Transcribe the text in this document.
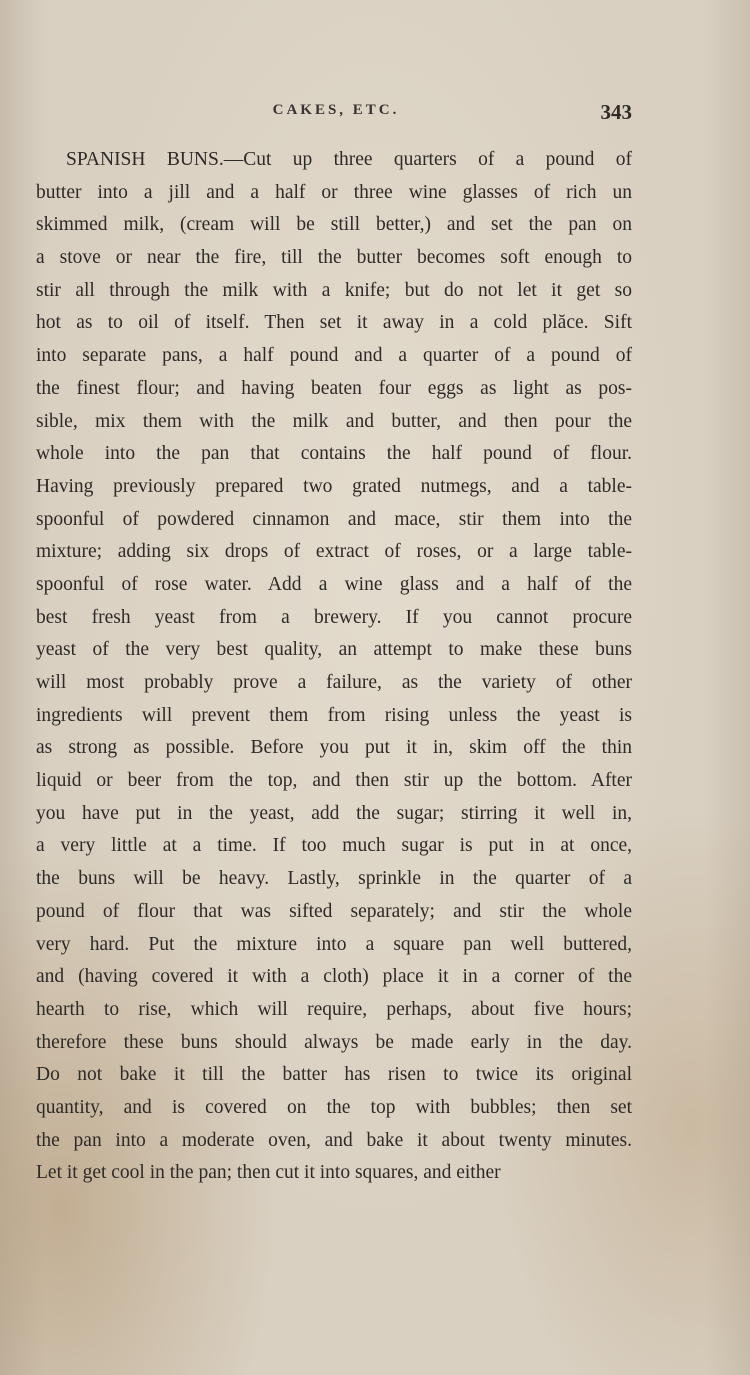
CAKES, ETC.	343
SPANISH BUNS.—Cut up three quarters of a pound of
butter into a jill and a half or three wine glasses of rich un
skimmed milk, (cream will be still better,) and set the pan on
a stove or near the fire, till the butter becomes soft enough to
stir all through the milk with a knife; but do not let it get so
hot as to oil of itself. Then set it away in a cold plăce. Sift
into separate pans, a half pound and a quarter of a pound of
the finest flour; and having beaten four eggs as light as pos-
sible, mix them with the milk and butter, and then pour the
whole into the pan that contains the half pound of flour.
Having previously prepared two grated nutmegs, and a table-
spoonful of powdered cinnamon and mace, stir them into the
mixture; adding six drops of extract of roses, or a large table-
spoonful of rose water. Add a wine glass and a half of the
best fresh yeast from a brewery. If you cannot procure
yeast of the very best quality, an attempt to make these buns
will most probably prove a failure, as the variety of other
ingredients will prevent them from rising unless the yeast is
as strong as possible. Before you put it in, skim off the thin
liquid or beer from the top, and then stir up the bottom. After
you have put in the yeast, add the sugar; stirring it well in,
a very little at a time. If too much sugar is put in at once,
the buns will be heavy. Lastly, sprinkle in the quarter of a
pound of flour that was sifted separately; and stir the whole
very hard. Put the mixture into a square pan well buttered,
and (having covered it with a cloth) place it in a corner of the
hearth to rise, which will require, perhaps, about five hours;
therefore these buns should always be made early in the day.
Do not bake it till the batter has risen to twice its original
quantity, and is covered on the top with bubbles; then set
the pan into a moderate oven, and bake it about twenty minutes.
Let it get cool in the pan; then cut it into squares, and either
